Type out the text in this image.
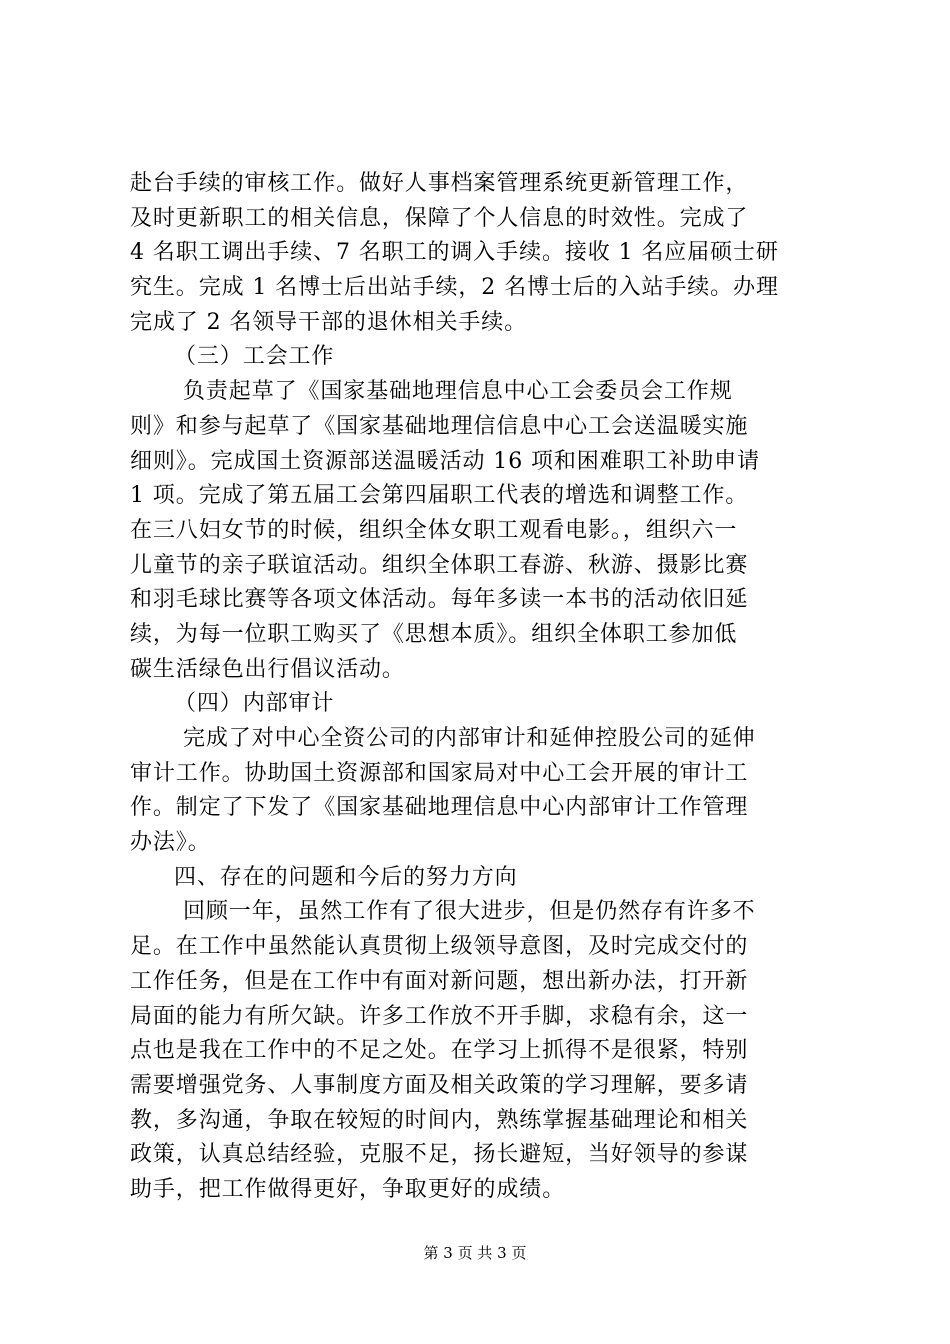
赴台手续的审核工作。做好人事档案管理系统更新管理工作，
及时更新职工的相关信息，保障了个人信息的时效性。完成了
4 名职工调出手续、7 名职工的调入手续。接收 1 名应届硕士研
究生。完成 1 名博士后出站手续，2 名博士后的入站手续。办理
完成了 2 名领导干部的退休相关手续。
（三）工会工作
负责起草了《国家基础地理信息中心工会委员会工作规
则》和参与起草了《国家基础地理信信息中心工会送温暖实施
细则》。完成国土资源部送温暖活动 16 项和困难职工补助申请
1 项。完成了第五届工会第四届职工代表的增选和调整工作。
在三八妇女节的时候，组织全体女职工观看电影。，组织六一
儿童节的亲子联谊活动。组织全体职工春游、秋游、摄影比赛
和羽毛球比赛等各项文体活动。每年多读一本书的活动依旧延
续，为每一位职工购买了《思想本质》。组织全体职工参加低
碳生活绿色出行倡议活动。
（四）内部审计
完成了对中心全资公司的内部审计和延伸控股公司的延伸
审计工作。协助国土资源部和国家局对中心工会开展的审计工
作。制定了下发了《国家基础地理信息中心内部审计工作管理
办法》。
四、存在的问题和今后的努力方向
回顾一年，虽然工作有了很大进步，但是仍然存有许多不
足。在工作中虽然能认真贯彻上级领导意图，及时完成交付的
工作任务，但是在工作中有面对新问题，想出新办法，打开新
局面的能力有所欠缺。许多工作放不开手脚，求稳有余，这一
点也是我在工作中的不足之处。在学习上抓得不是很紧，特别
需要增强党务、人事制度方面及相关政策的学习理解，要多请
教，多沟通，争取在较短的时间内，熟练掌握基础理论和相关
政策，认真总结经验，克服不足，扬长避短，当好领导的参谋
助手，把工作做得更好，争取更好的成绩。
第 3 页 共 3 页
